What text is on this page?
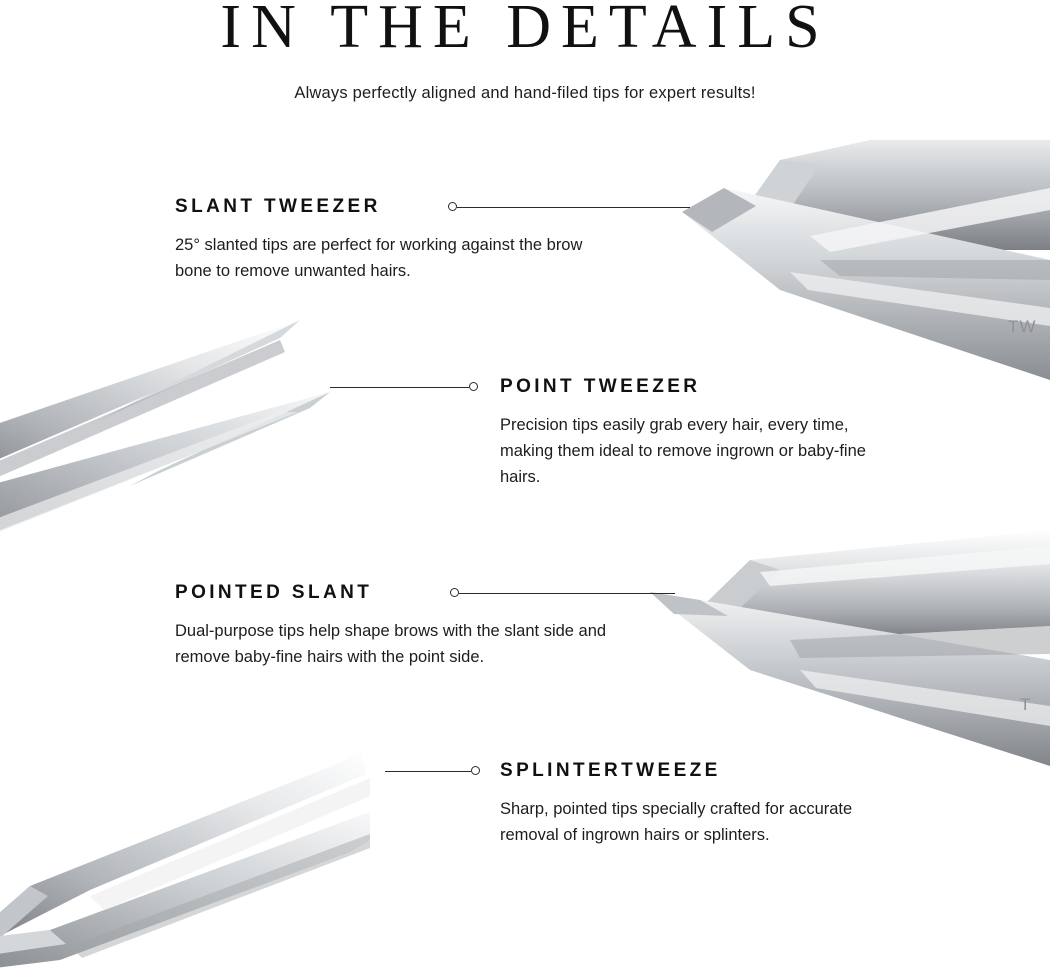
TW
T
IN THE DETAILS
Always perfectly aligned and hand-filed tips for expert results!
SLANT TWEEZER
25° slanted tips are perfect for working against the brow bone to remove unwanted hairs.
POINT TWEEZER
Precision tips easily grab every hair, every time, making them ideal to remove ingrown or baby-fine hairs.
POINTED SLANT
Dual-purpose tips help shape brows with the slant side and remove baby-fine hairs with the point side.
SPLINTERTWEEZE
Sharp, pointed tips specially crafted for accurate removal of ingrown hairs or splinters.
